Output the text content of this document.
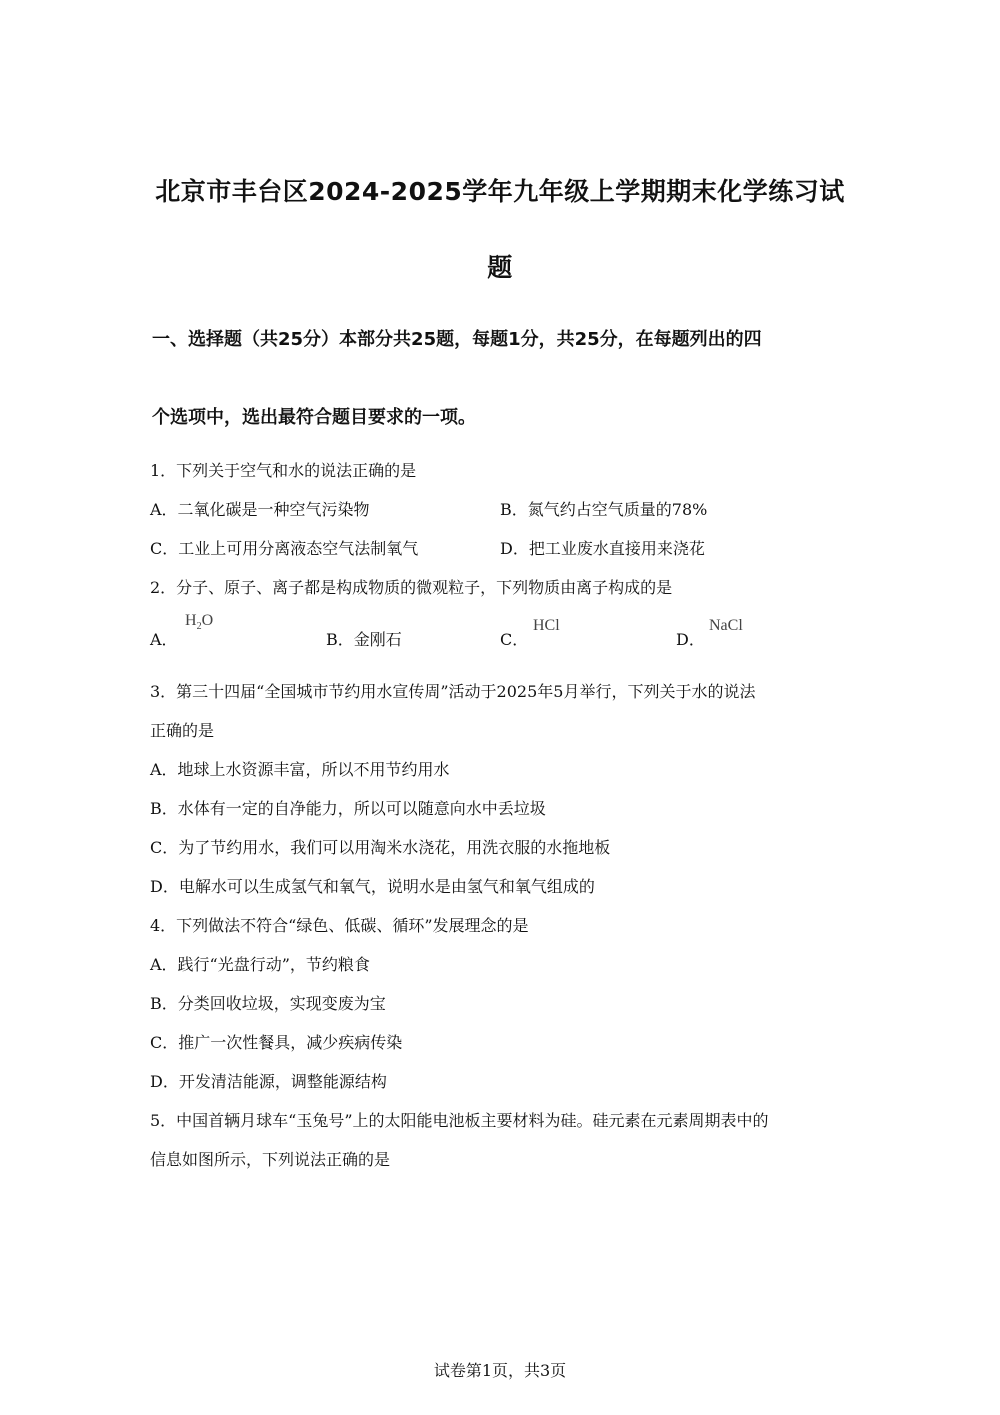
北京市丰台区2024-2025学年九年级上学期期末化学练习试
题
一、选择题（共25分）本部分共25题，每题1分，共25分，在每题列出的四
个选项中，选出最符合题目要求的一项。
1．下列关于空气和水的说法正确的是
A．二氧化碳是一种空气污染物	B．氮气约占空气质量的78%
C．工业上可用分离液态空气法制氧气	D．把工业废水直接用来浇花
2．分子、原子、离子都是构成物质的微观粒子，下列物质由离子构成的是
A．
$H_2O$
B．金刚石	C．
HCl
D．
NaCl
3．第三十四届“全国城市节约用水宣传周”活动于2025年5月举行，下列关于水的说法
正确的是
A．地球上水资源丰富，所以不用节约用水
B．水体有一定的自净能力，所以可以随意向水中丢垃圾
C．为了节约用水，我们可以用淘米水浇花，用洗衣服的水拖地板
D．电解水可以生成氢气和氧气，说明水是由氢气和氧气组成的
4．下列做法不符合“绿色、低碳、循环”发展理念的是
A．践行“光盘行动”，节约粮食
B．分类回收垃圾，实现变废为宝
C．推广一次性餐具，减少疾病传染
D．开发清洁能源，调整能源结构
5．中国首辆月球车“玉兔号”上的太阳能电池板主要材料为硅。硅元素在元素周期表中的
信息如图所示，下列说法正确的是
试卷第1页，共3页
